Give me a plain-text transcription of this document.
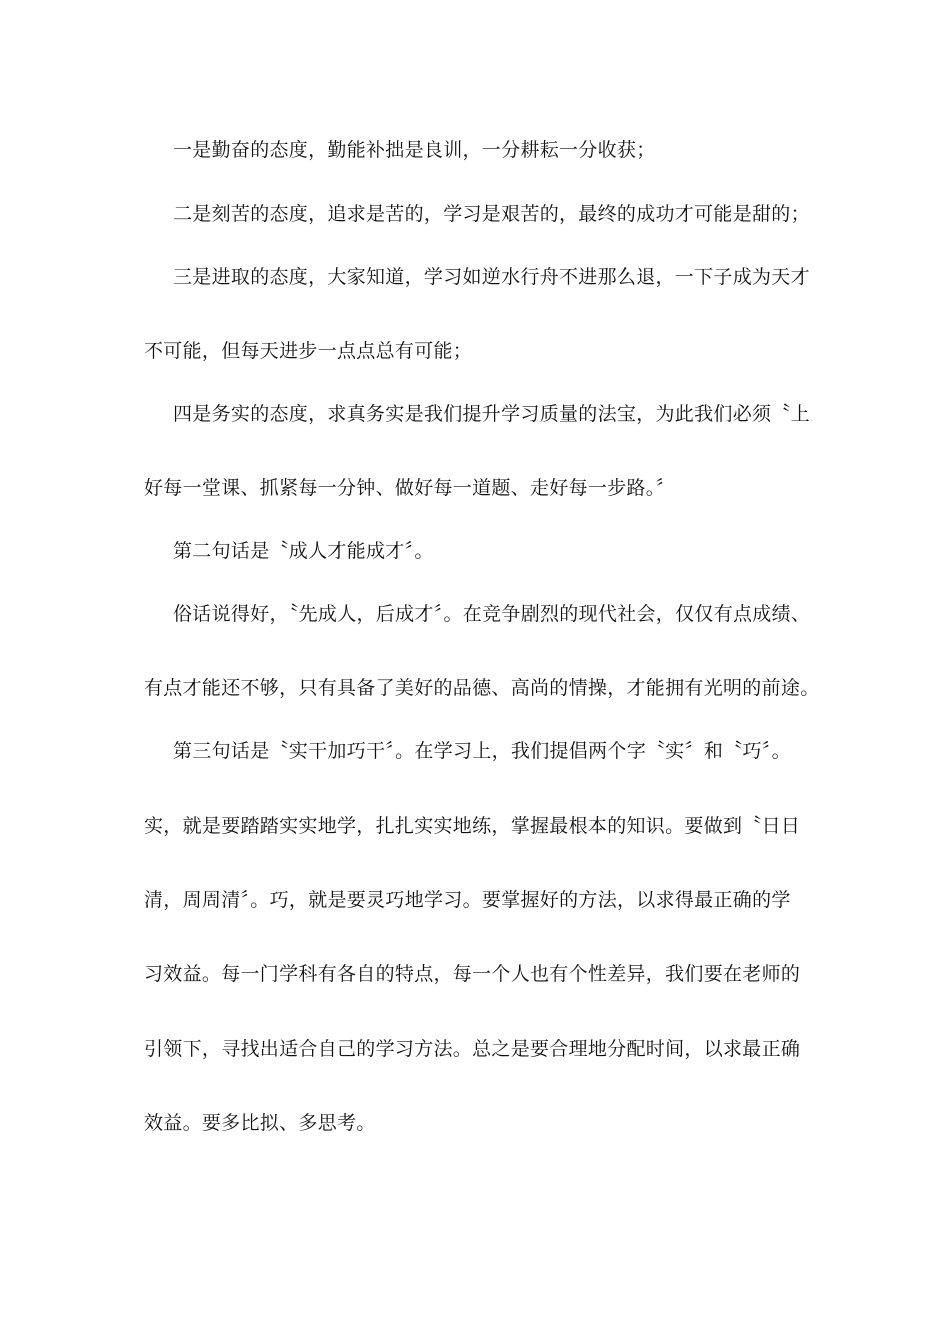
一是勤奋的态度，勤能补拙是良训，一分耕耘一分收获；
二是刻苦的态度，追求是苦的，学习是艰苦的，最终的成功才可能是甜的；
三是进取的态度，大家知道，学习如逆水行舟不进那么退，一下子成为天才
不可能，但每天进步一点点总有可能；
四是务实的态度，求真务实是我们提升学习质量的法宝，为此我们必须〝上
好每一堂课、抓紧每一分钟、做好每一道题、走好每一步路。〞
第二句话是〝成人才能成才〞。
俗话说得好，〝先成人，后成才〞。在竞争剧烈的现代社会，仅仅有点成绩、
有点才能还不够，只有具备了美好的品德、高尚的情操，才能拥有光明的前途。
第三句话是〝实干加巧干〞。在学习上，我们提倡两个字〝实〞和〝巧〞。
实，就是要踏踏实实地学，扎扎实实地练，掌握最根本的知识。要做到〝日日
清，周周清〞。巧，就是要灵巧地学习。要掌握好的方法，以求得最正确的学
习效益。每一门学科有各自的特点，每一个人也有个性差异，我们要在老师的
引领下，寻找出适合自己的学习方法。总之是要合理地分配时间，以求最正确
效益。要多比拟、多思考。
